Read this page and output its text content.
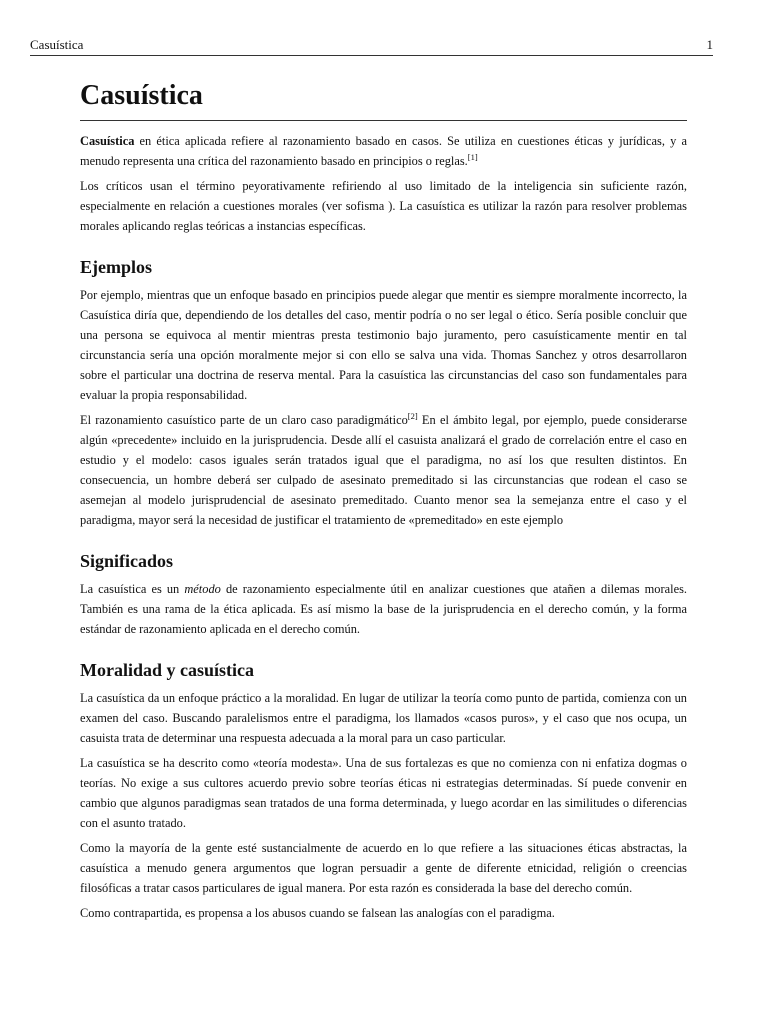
Casuística	1
Casuística

Casuística en ética aplicada refiere al razonamiento basado en casos. Se utiliza en cuestiones éticas y jurídicas, y a menudo representa una crítica del razonamiento basado en principios o reglas.[1]

Los críticos usan el término peyorativamente refiriendo al uso limitado de la inteligencia sin suficiente razón, especialmente en relación a cuestiones morales (ver sofisma ). La casuística es utilizar la razón para resolver problemas morales aplicando reglas teóricas a instancias específicas.

Ejemplos

Por ejemplo, mientras que un enfoque basado en principios puede alegar que mentir es siempre moralmente incorrecto, la Casuística diría que, dependiendo de los detalles del caso, mentir podría o no ser legal o ético. Sería posible concluir que una persona se equivoca al mentir mientras presta testimonio bajo juramento, pero casuísticamente mentir en tal circunstancia sería una opción moralmente mejor si con ello se salva una vida. Thomas Sanchez y otros desarrollaron sobre el particular una doctrina de reserva mental. Para la casuística las circunstancias del caso son fundamentales para evaluar la propia responsabilidad.

El razonamiento casuístico parte de un claro caso paradigmático[2] En el ámbito legal, por ejemplo, puede considerarse algún «precedente» incluido en la jurisprudencia. Desde allí el casuista analizará el grado de correlación entre el caso en estudio y el modelo: casos iguales serán tratados igual que el paradigma, no así los que resulten distintos. En consecuencia, un hombre deberá ser culpado de asesinato premeditado si las circunstancias que rodean el caso se asemejan al modelo jurisprudencial de asesinato premeditado. Cuanto menor sea la semejanza entre el caso y el paradigma, mayor será la necesidad de justificar el tratamiento de «premeditado» en este ejemplo

Significados

La casuística es un método de razonamiento especialmente útil en analizar cuestiones que atañen a dilemas morales. También es una rama de la ética aplicada. Es así mismo la base de la jurisprudencia en el derecho común, y la forma estándar de razonamiento aplicada en el derecho común.

Moralidad y casuística

La casuística da un enfoque práctico a la moralidad. En lugar de utilizar la teoría como punto de partida, comienza con un examen del caso. Buscando paralelismos entre el paradigma, los llamados «casos puros», y el caso que nos ocupa, un casuista trata de determinar una respuesta adecuada a la moral para un caso particular.

La casuística se ha descrito como «teoría modesta». Una de sus fortalezas es que no comienza con ni enfatiza dogmas o teorías. No exige a sus cultores acuerdo previo sobre teorías éticas ni estrategias determinadas. Sí puede convenir en cambio que algunos paradigmas sean tratados de una forma determinada, y luego acordar en las similitudes o diferencias con el asunto tratado.

Como la mayoría de la gente esté sustancialmente de acuerdo en lo que refiere a las situaciones éticas abstractas, la casuística a menudo genera argumentos que logran persuadir a gente de diferente etnicidad, religión o creencias filosóficas a tratar casos particulares de igual manera. Por esta razón es considerada la base del derecho común.

Como contrapartida, es propensa a los abusos cuando se falsean las analogías con el paradigma.
